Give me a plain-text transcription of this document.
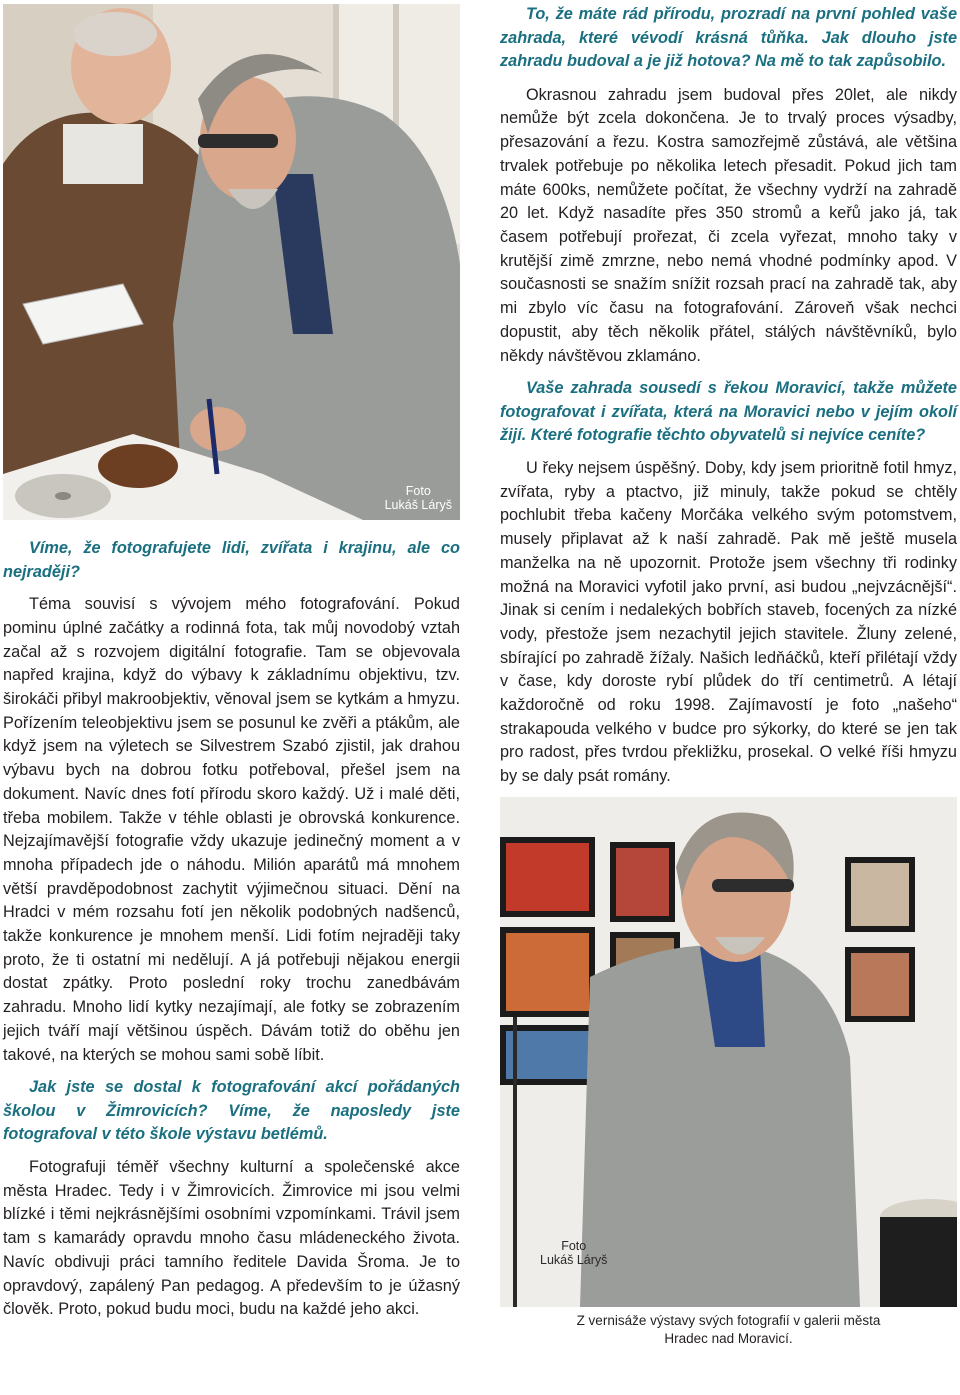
Foto
Lukáš Láryš

Víme, že fotografujete lidi, zvířata i krajinu, ale co nejraději?

Téma souvisí s vývojem mého fotografování. Pokud pominu úplné začátky a rodinná fota, tak můj novodobý vztah začal až s rozvojem digitální fotografie. Tam se objevovala napřed krajina, když do výbavy k základnímu objektivu, tzv. širokáči přibyl makroobjektiv, věnoval jsem se kytkám a hmyzu. Pořízením teleobjektivu jsem se posunul ke zvěři a ptákům, ale když jsem na výletech se Silvestrem Szabó zjistil, jak drahou výbavu bych na dobrou fotku potřeboval, přešel jsem na dokument. Navíc dnes fotí přírodu skoro každý. Už i malé děti, třeba mobilem. Takže v téhle oblasti je obrovská konkurence. Nejzajímavější fotografie vždy ukazuje jedinečný moment a v mnoha případech jde o náhodu. Milión aparátů má mnohem větší pravděpodobnost zachytit výjimečnou situaci. Dění na Hradci v mém rozsahu fotí jen několik podobných nadšenců, takže konkurence je mnohem menší. Lidi fotím nejraději taky proto, že ti ostatní mi nedělují. A já potřebuji nějakou energii dostat zpátky. Proto poslední roky trochu zanedbávám zahradu. Mnoho lidí kytky nezajímají, ale fotky se zobrazením jejich tváří mají většinou úspěch. Dávám totiž do oběhu jen takové, na kterých se mohou sami sobě líbit.

Jak jste se dostal k fotografování akcí pořádaných školou v Žimrovicích? Víme, že naposledy jste fotografoval v této škole výstavu betlémů.

Fotografuji téměř všechny kulturní a společenské akce města Hradec. Tedy i v Žimrovicích. Žimrovice mi jsou velmi blízké i těmi nejkrásnějšími osobními vzpomínkami. Trávil jsem tam s kamarády opravdu mnoho času mládeneckého života. Navíc obdivuji práci tamního ředitele Davida Šroma. Je to opravdový, zapálený Pan pedagog. A především to je úžasný člověk. Proto, pokud budu moci, budu na každé jeho akci.

To, že máte rád přírodu, prozradí na první pohled vaše zahrada, které vévodí krásná tůňka. Jak dlouho jste zahradu budoval a je již hotova? Na mě to tak zapůsobilo.

Okrasnou zahradu jsem budoval přes 20let, ale nikdy nemůže být zcela dokončena. Je to trvalý proces výsadby, přesazování a řezu. Kostra samozřejmě zůstává, ale většina trvalek potřebuje po několika letech přesadit. Pokud jich tam máte 600ks, nemůžete počítat, že všechny vydrží na zahradě 20 let. Když nasadíte přes 350 stromů a keřů jako já, tak časem potřebují prořezat, či zcela vyřezat, mnoho taky v krutější zimě zmrzne, nebo nemá vhodné podmínky apod. V současnosti se snažím snížit rozsah prací na zahradě tak, aby mi zbylo víc času na fotografování. Zároveň však nechci dopustit, aby těch několik přátel, stálých návštěvníků, bylo někdy návštěvou zklamáno.

Vaše zahrada sousedí s řekou Moravicí, takže můžete fotografovat i zvířata, která na Moravici nebo v jejím okolí žijí. Které fotografie těchto obyvatelů si nejvíce ceníte?

U řeky nejsem úspěšný. Doby, kdy jsem prioritně fotil hmyz, zvířata, ryby a ptactvo, již minuly, takže pokud se chtěly pochlubit třeba kačeny Morčáka velkého svým potomstvem, musely připlavat až k naší zahradě. Pak mě ještě musela manželka na ně upozornit. Protože jsem všechny tři rodinky možná na Moravici vyfotil jako první, asi budou „nejvzácnější“. Jinak si cením i nedalekých bobřích staveb, focených za nízké vody, přestože jsem nezachytil jejich stavitele. Žluny zelené, sbírající po zahradě žížaly. Našich ledňáčků, kteří přilétají vždy v čase, kdy doroste rybí plůdek do tří centimetrů. A létají každoročně od roku 1998. Zajímavostí je foto „našeho“ strakapouda velkého v budce pro sýkorky, do které se jen tak pro radost, přes tvrdou překližku, prosekal. O velké říši hmyzu by se daly psát romány.

Foto
Lukáš Láryš

Z vernisáže výstavy svých fotografií v galerii města
Hradec nad Moravicí.
